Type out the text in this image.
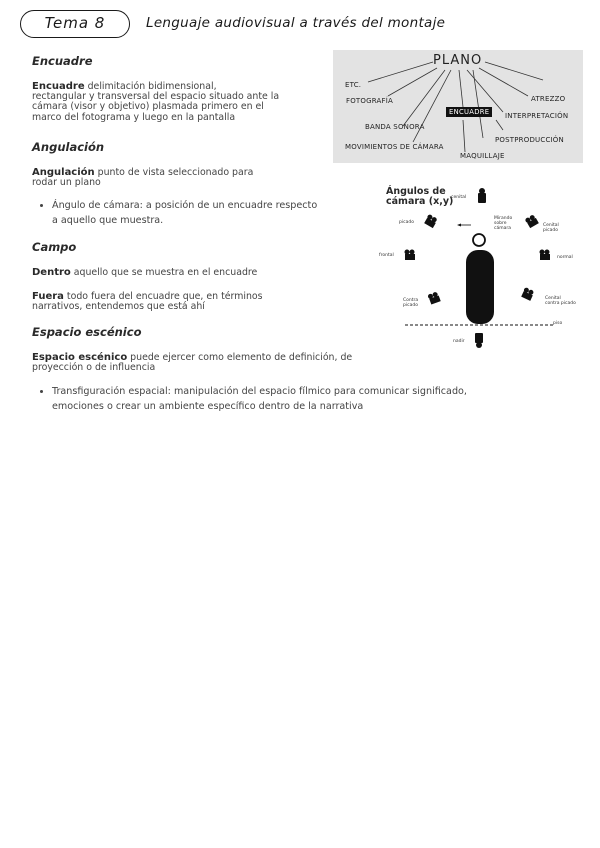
Tema 8	Lenguaje audiovisual a través del montaje
Encuadre

Encuadre delimitación bidimensional,
rectangular y transversal del espacio situado ante la
cámara (visor y objetivo) plasmada primero en el
marco del fotograma y luego en la pantalla

Angulación

Angulación punto de vista seleccionado para
rodar un plano

Ángulo de cámara: a posición de un encuadre respecto
a aquello que muestra.
Campo

Dentro aquello que se muestra en el encuadre

Fuera todo fuera del encuadre que, en términos
narrativos, entendemos que está ahí

Espacio escénico

Espacio escénico puede ejercer como elemento de definición, de
proyección o de influencia

Transfiguración espacial: manipulación del espacio fílmico para comunicar significado,
emociones o crear un ambiente específico dentro de la narrativa
PLANO
ETC.
FOTOGRAFÍA	ATREZZO
ENCUADRE	INTERPRETACIÓN
BANDA SONORA
POSTPRODUCCIÓN
MOVIMIENTOS DE CÁMARA
MAQUILLAJE
Ángulos de
cámara (x,y)
cenital
Mirando
sobre
cámara
picado
Cenital
picado
frontal	normal
Contra
picado
Cenital
contra picado
piso
nadir
